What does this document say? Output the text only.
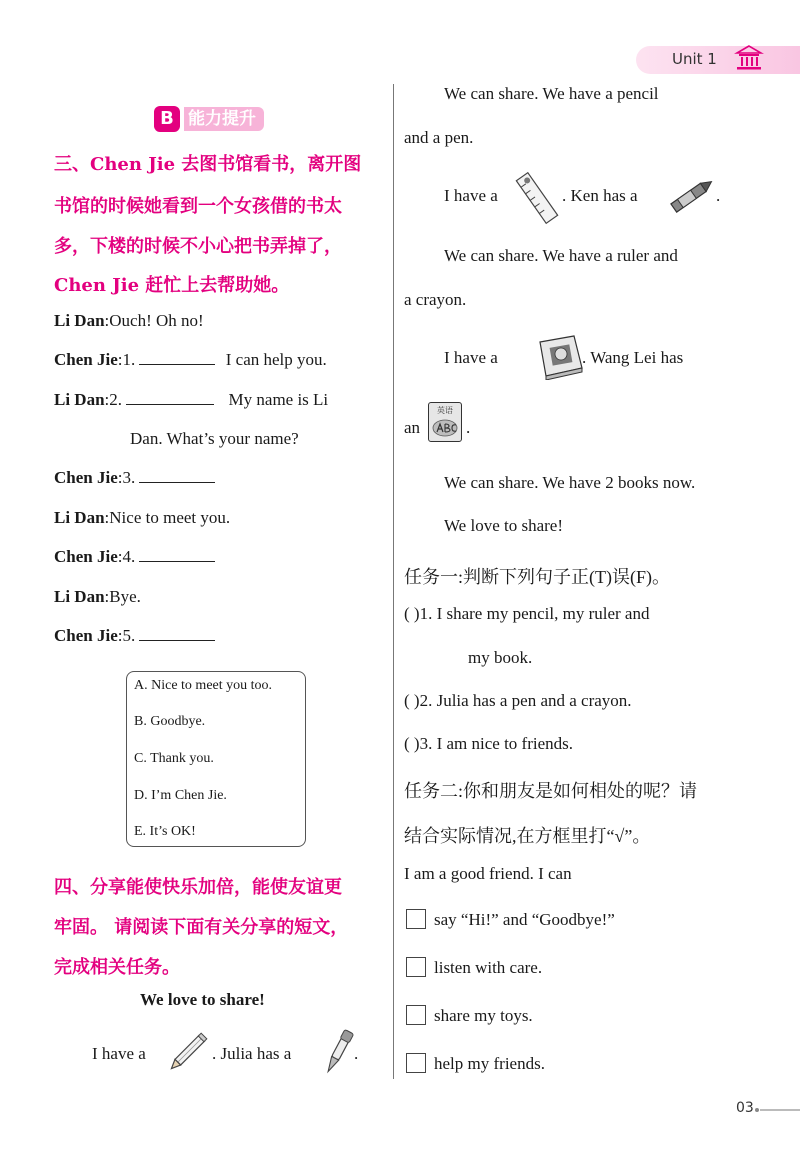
Unit 1
B 能力提升
三、Chen Jie 去图书馆看书，离开图
书馆的时候她看到一个女孩借的书太
多，下楼的时候不小心把书弄掉了，
Chen Jie 赶忙上去帮助她。
Li Dan:Ouch! Oh no!
Chen Jie:1.	I can help you.
Li Dan:2.	My name is Li
Dan. What’s your name?
Chen Jie:3.
Li Dan:Nice to meet you.
Chen Jie:4.
Li Dan:Bye.
Chen Jie:5.
A. Nice to meet you too.
B. Goodbye.
C. Thank you.
D. I’m Chen Jie.
E. It’s OK!
四、分享能使快乐加倍，能使友谊更
牢固。 请阅读下面有关分享的短文，
完成相关任务。
We love to share!
I have a	. Julia has a	.
We can share. We have a pencil
and a pen.
I have a	. Ken has a	.
We can share. We have a ruler and
a crayon.
I have a	. Wang Lei has
an
英语
.
We can share. We have 2 books now.
We love to share!
任务一:判断下列句子正(T)误(F)。
( )1. I share my pencil, my ruler and
my book.
( )2. Julia has a pen and a crayon.
( )3. I am nice to friends.
任务二:你和朋友是如何相处的呢？请
结合实际情况,在方框里打“√”。
I am a good friend. I can
say “Hi!” and “Goodbye!”
listen with care.
share my toys.
help my friends.
03
